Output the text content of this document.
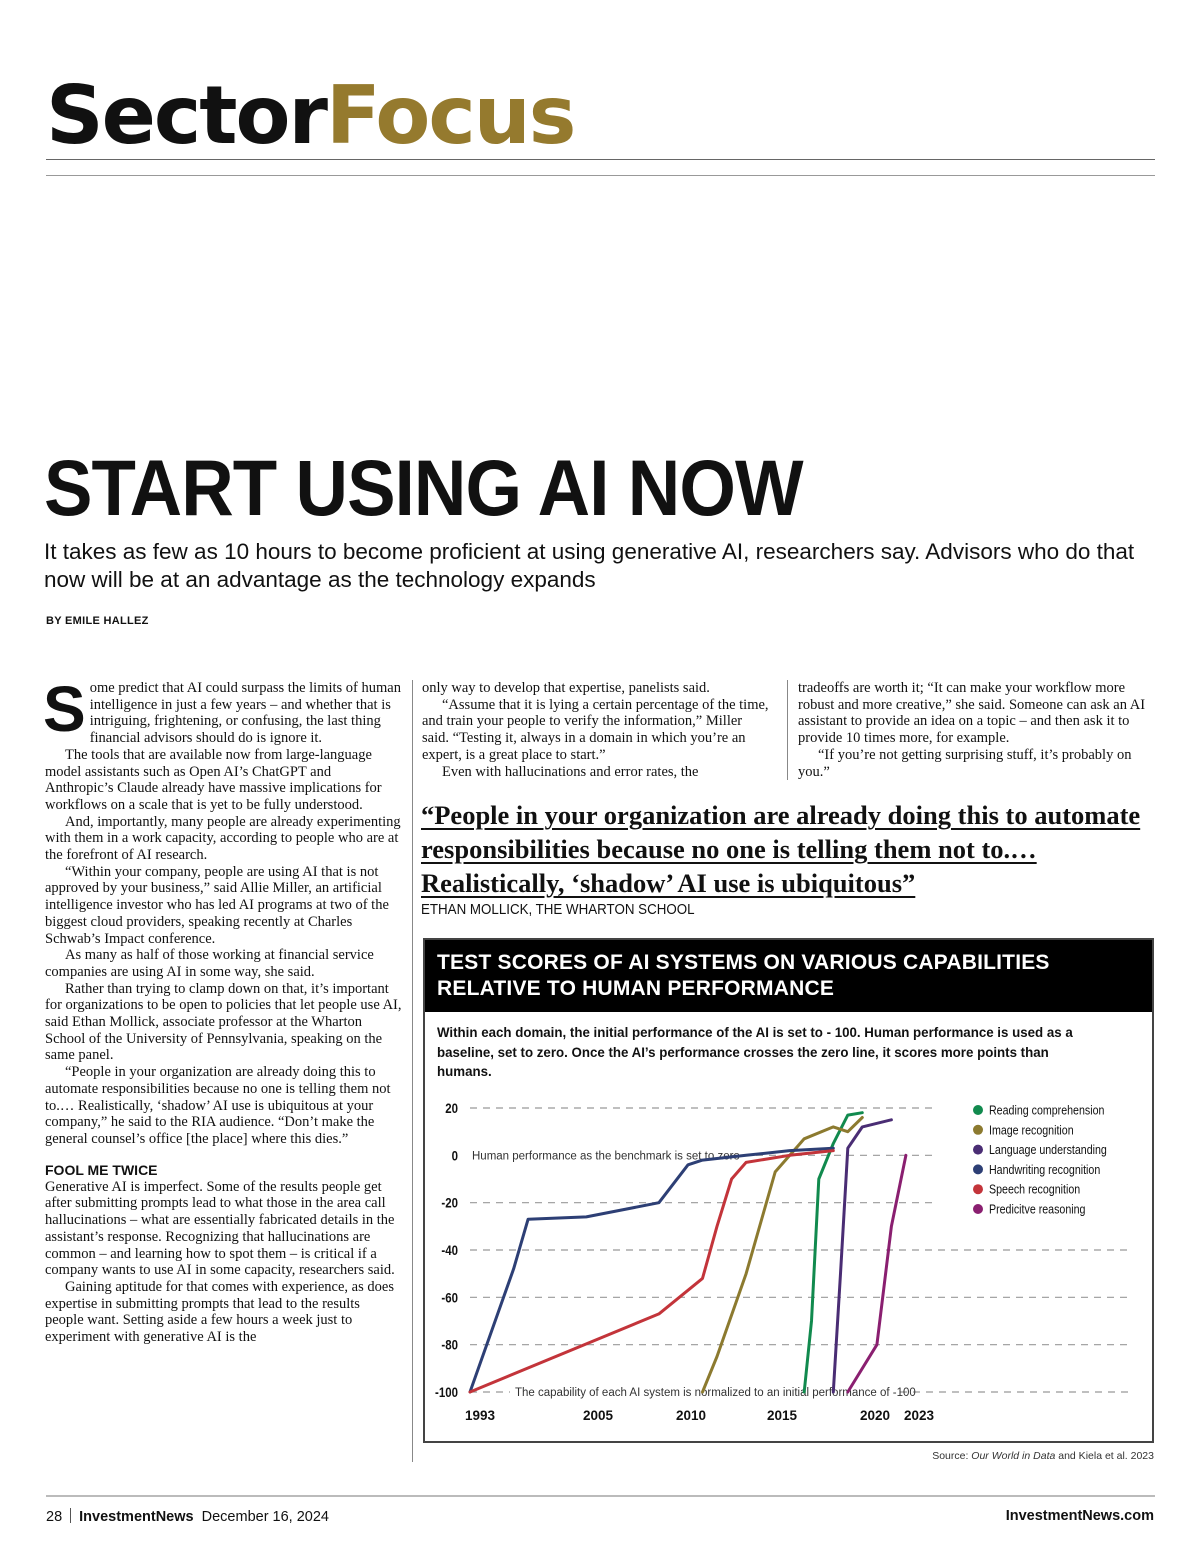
SectorFocus
START USING AI NOW
It takes as few as 10 hours to become proficient at using generative AI, researchers say. Advisors who do that now will be at an advantage as the technology expands
BY EMILE HALLEZ

Some predict that AI could surpass the limits of human intelligence in just a few years – and whether that is intriguing, frightening, or confusing, the last thing financial advisors should do is ignore it.

The tools that are available now from large-language model assistants such as Open AI’s ChatGPT and Anthropic’s Claude already have massive implications for workflows on a scale that is yet to be fully understood.

And, importantly, many people are already experimenting with them in a work capacity, according to people who are at the forefront of AI research.

“Within your company, people are using AI that is not approved by your business,” said Allie Miller, an artificial intelligence investor who has led AI programs at two of the biggest cloud providers, speaking recently at Charles Schwab’s Impact conference.

As many as half of those working at financial service companies are using AI in some way, she said.

Rather than trying to clamp down on that, it’s important for organizations to be open to policies that let people use AI, said Ethan Mollick, associate professor at the Wharton School of the University of Pennsylvania, speaking on the same panel.

“People in your organization are already doing this to automate responsibilities because no one is telling them not to.… Realistically, ‘shadow’ AI use is ubiquitous at your company,” he said to the RIA audience. “Don’t make the general counsel’s office [the place] where this dies.”

FOOL ME TWICE

Generative AI is imperfect. Some of the results people get after submitting prompts lead to what those in the area call hallucinations – what are essentially fabricated details in the assistant’s response. Recognizing that hallucinations are common – and learning how to spot them – is critical if a company wants to use AI in some capacity, researchers said.

Gaining aptitude for that comes with experience, as does expertise in submitting prompts that lead to the results people want. Setting aside a few hours a week just to experiment with generative AI is the

only way to develop that expertise, panelists said.

“Assume that it is lying a certain percentage of the time, and train your people to verify the information,” Miller said. “Testing it, always in a domain in which you’re an expert, is a great place to start.”

Even with hallucinations and error rates, the

tradeoffs are worth it; “It can make your workflow more robust and more creative,” she said. Someone can ask an AI assistant to provide an idea on a topic – and then ask it to provide 10 times more, for example.

“If you’re not getting surprising stuff, it’s probably on you.”

“People in your organization are already doing this to automate
responsibilities because no one is telling them not to.…
Realistically, ‘shadow’ AI use is ubiquitous”
ETHAN MOLLICK, THE WHARTON SCHOOL
TEST SCORES OF AI SYSTEMS ON VARIOUS CAPABILITIES RELATIVE TO HUMAN PERFORMANCE
Within each domain, the initial performance of the AI is set to - 100. Human performance is used as a baseline, set to zero. Once the AI’s performance crosses the zero line, it scores more points than humans.
20
0
-20
-40
-60
-80
-100
1993	2005	2010	2015	2020 2023
Human performance as the benchmark is set to zero
The capability of each AI system is normalized to an initial performance of -100
Reading comprehension
Image recognition
Language understanding
Handwriting recognition
Speech recognition
Predicitve reasoning
Source: Our World in Data and Kiela et al. 2023
28 InvestmentNews December 16, 2024	InvestmentNews.com
